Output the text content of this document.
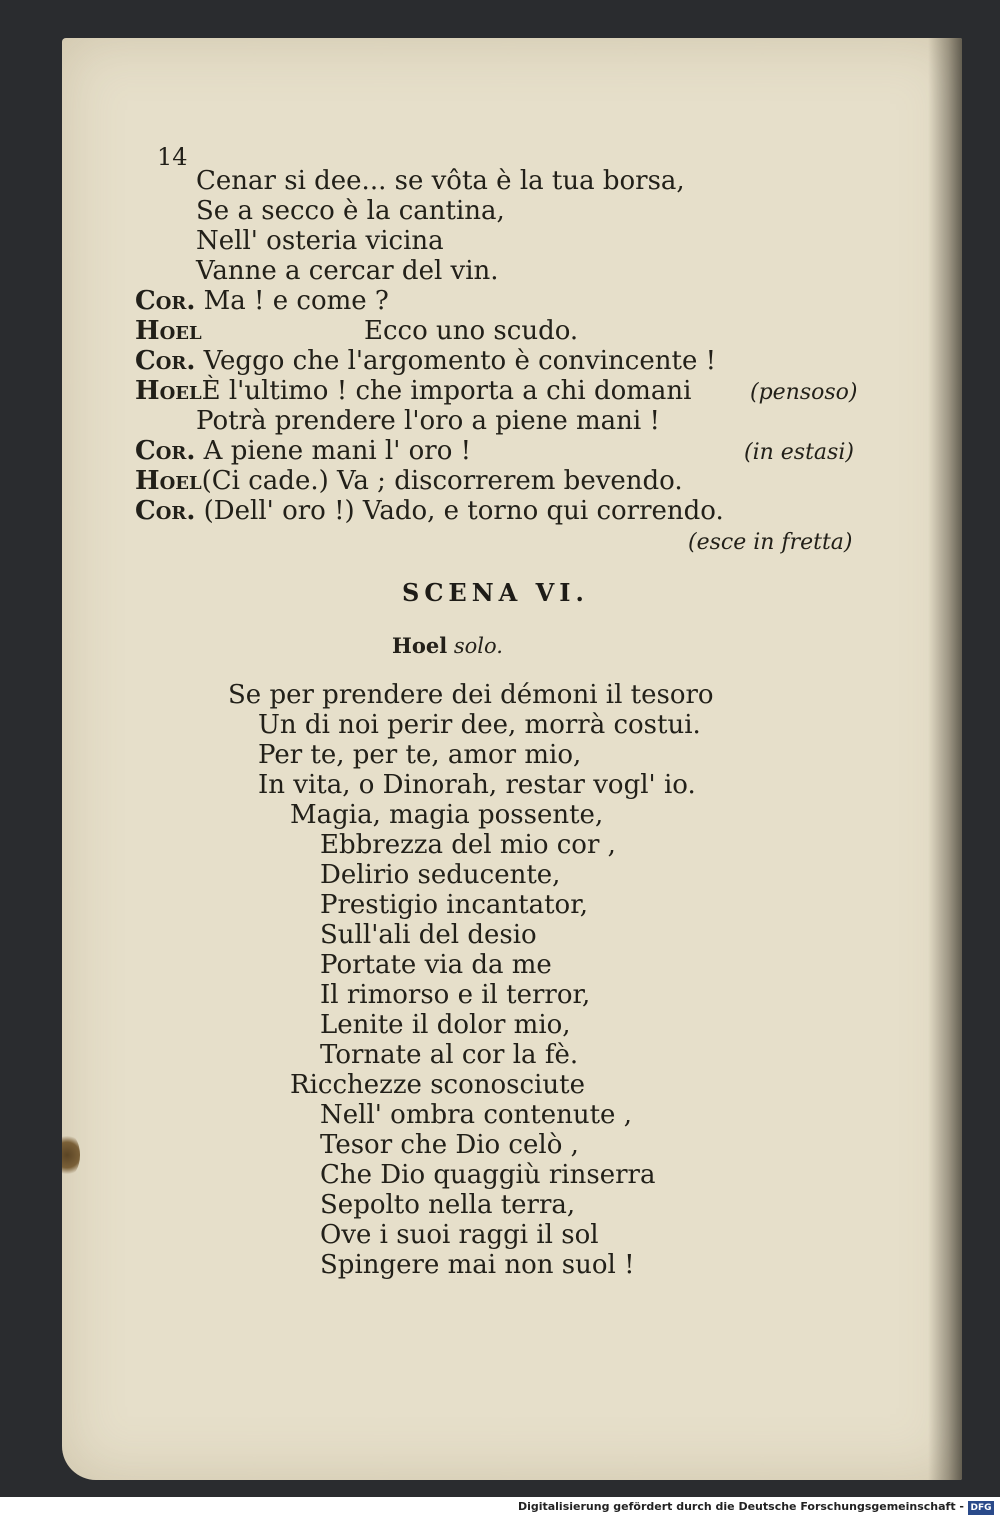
14
Cenar si dee... se vôta è la tua borsa,
Se a secco è la cantina,
Nell' osteria vicina
Vanne a cercar del vin.
Cor. Ma ! e come ?
Hoel	Ecco uno scudo.
Cor. Veggo che l'argomento è convincente !
HoelÈ l'ultimo ! che importa a chi domani	(pensoso)
Potrà prendere l'oro a piene mani !
Cor. A piene mani l' oro !	(in estasi)
Hoel(Ci cade.) Va ; discorrerem bevendo.
Cor. (Dell' oro !) Vado, e torno qui correndo.
(esce in fretta)
SCENA VI.
Hoel solo.
Se per prendere dei démoni il tesoro
Un di noi perir dee, morrà costui.
Per te, per te, amor mio,
In vita, o Dinorah, restar vogl' io.
Magia, magia possente,
Ebbrezza del mio cor ,
Delirio seducente,
Prestigio incantator,
Sull'ali del desio
Portate via da me
Il rimorso e il terror,
Lenite il dolor mio,
Tornate al cor la fè.
Ricchezze sconosciute
Nell' ombra contenute ,
Tesor che Dio celò ,
Che Dio quaggiù rinserra
Sepolto nella terra,
Ove i suoi raggi il sol
Spingere mai non suol !
Digitalisierung gefördert durch die Deutsche Forschungsgemeinschaft - DFG
